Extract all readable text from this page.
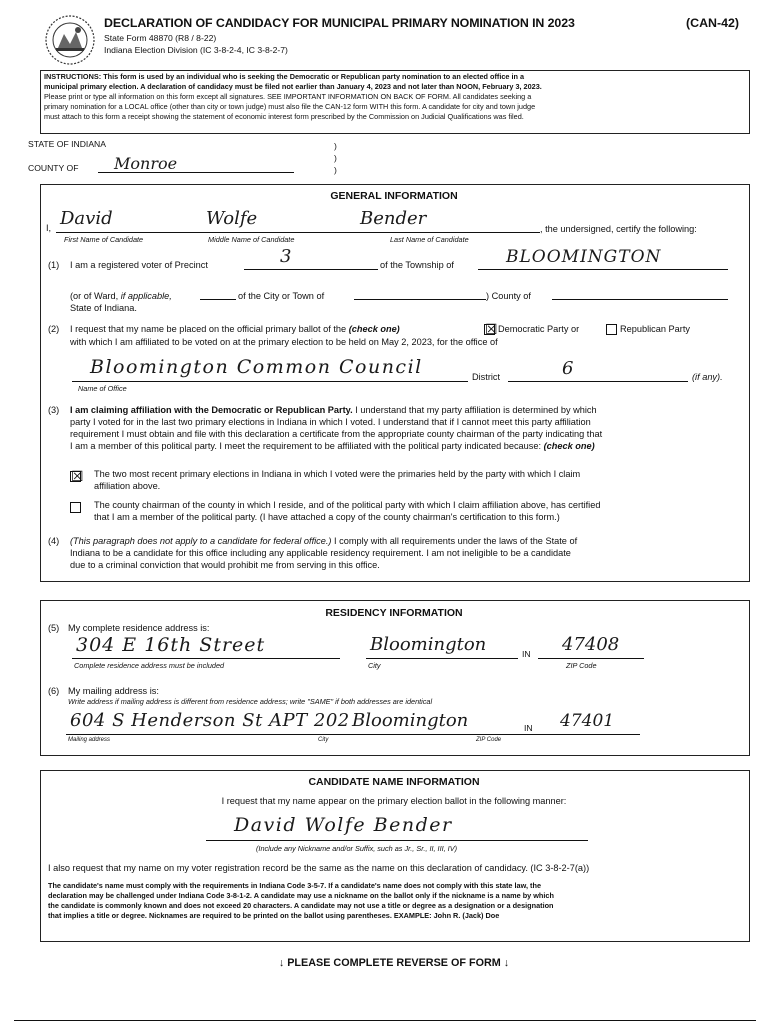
DECLARATION OF CANDIDACY FOR MUNICIPAL PRIMARY NOMINATION IN 2023	(CAN-42)
State Form 48870 (R8 / 8-22)
Indiana Election Division (IC 3-8-2-4, IC 3-8-2-7)
INSTRUCTIONS: This form is used by an individual who is seeking the Democratic or Republican party nomination to an elected office in a
municipal primary election. A declaration of candidacy must be filed not earlier than January 4, 2023 and not later than NOON, February 3, 2023.
Please print or type all information on this form except all signatures. SEE IMPORTANT INFORMATION ON BACK OF FORM. All candidates seeking a
primary nomination for a LOCAL office (other than city or town judge) must also file the CAN-12 form WITH this form. A candidate for city and town judge
must attach to this form a receipt showing the statement of economic interest form prescribed by the Commission on Judicial Qualifications was filed.
STATE OF INDIANA
COUNTY OF Monroe
)
)
)
GENERAL INFORMATION
I, David	Wolfe	Bender	, the undersigned, certify the following:
First Name of Candidate	Middle Name of Candidate	Last Name of Candidate
(1) I am a registered voter of Precinct	3	of the Township of	BLOOMINGTON
(or of Ward, if applicable,	of the City or Town of	) County of
State of Indiana.
(2) I request that my name be placed on the official primary ballot of the (check one)	☒ Democratic Party or	Republican Party
with which I am affiliated to be voted on at the primary election to be held on May 2, 2023, for the office of
Bloomington Common Council	District	6	(if any).
Name of Office
(3) I am claiming affiliation with the Democratic or Republican Party. I understand that my party affiliation is determined by which
party I voted for in the last two primary elections in Indiana in which I voted. I understand that if I cannot meet this party affiliation
requirement I must obtain and file with this declaration a certificate from the appropriate county chairman of the party indicating that
I am a member of this political party. I meet the requirement to be affiliated with the political party indicated because: (check one)
☒ The two most recent primary elections in Indiana in which I voted were the primaries held by the party with which I claim
affiliation above.
The county chairman of the county in which I reside, and of the political party with which I claim affiliation above, has certified
that I am a member of the political party. (I have attached a copy of the county chairman's certification to this form.)
(4) (This paragraph does not apply to a candidate for federal office.) I comply with all requirements under the laws of the State of
Indiana to be a candidate for this office including any applicable residency requirement. I am not ineligible to be a candidate
due to a criminal conviction that would prohibit me from serving in this office.
RESIDENCY INFORMATION
(5) My complete residence address is:
304 E 16th Street	Bloomington	IN 47408
Complete residence address must be included	City	ZIP Code
(6) My mailing address is:
Write address if mailing address is different from residence address; write "SAME" if both addresses are identical
604 S Henderson St APT 202 Bloomington	IN 47401
Mailing address	City	ZIP Code
CANDIDATE NAME INFORMATION
I request that my name appear on the primary election ballot in the following manner:
David Wolfe Bender
(Include any Nickname and/or Suffix, such as Jr., Sr., II, III, IV)
I also request that my name on my voter registration record be the same as the name on this declaration of candidacy. (IC 3-8-2-7(a))
The candidate's name must comply with the requirements in Indiana Code 3-5-7. If a candidate's name does not comply with this state law, the
declaration may be challenged under Indiana Code 3-8-1-2. A candidate may use a nickname on the ballot only if the nickname is a name by which
the candidate is commonly known and does not exceed 20 characters. A candidate may not use a title or degree as a designation or a designation
that implies a title or degree. Nicknames are required to be printed on the ballot using parentheses. EXAMPLE: John R. (Jack) Doe
↓ PLEASE COMPLETE REVERSE OF FORM ↓
